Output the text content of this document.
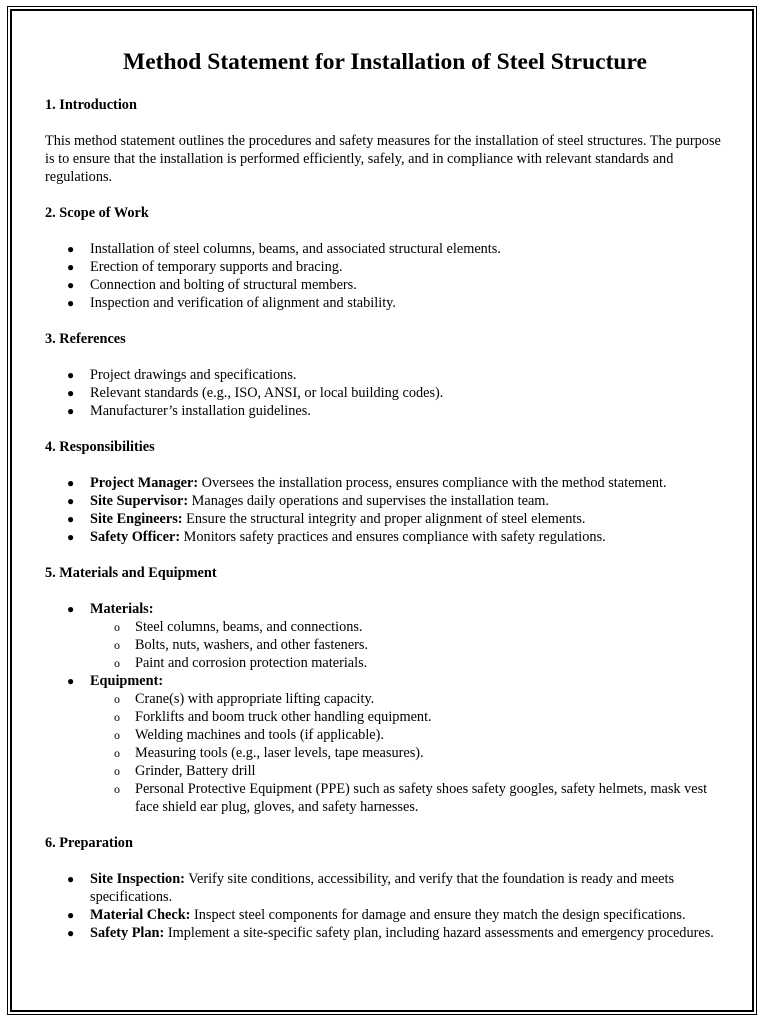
Method Statement for Installation of Steel Structure
1. Introduction

This method statement outlines the procedures and safety measures for the installation of steel structures. The purpose is to ensure that the installation is performed efficiently, safely, and in compliance with relevant standards and regulations.

2. Scope of Work
● Installation of steel columns, beams, and associated structural elements.
● Erection of temporary supports and bracing.
● Connection and bolting of structural members.
● Inspection and verification of alignment and stability.
3. References
● Project drawings and specifications.
● Relevant standards (e.g., ISO, ANSI, or local building codes).
● Manufacturer’s installation guidelines.
4. Responsibilities
● Project Manager: Oversees the installation process, ensures compliance with the method statement.
● Site Supervisor: Manages daily operations and supervises the installation team.
● Site Engineers: Ensure the structural integrity and proper alignment of steel elements.
● Safety Officer: Monitors safety practices and ensures compliance with safety regulations.
5. Materials and Equipment
● Materials:
o Steel columns, beams, and connections.
o Bolts, nuts, washers, and other fasteners.
o Paint and corrosion protection materials.
● Equipment:
o Crane(s) with appropriate lifting capacity.
o Forklifts and boom truck other handling equipment.
o Welding machines and tools (if applicable).
o Measuring tools (e.g., laser levels, tape measures).
o Grinder, Battery drill
o Personal Protective Equipment (PPE) such as safety shoes safety googles, safety helmets, mask vest face shield ear plug, gloves, and safety harnesses.
6. Preparation
● Site Inspection: Verify site conditions, accessibility, and verify that the foundation is ready and meets specifications.
● Material Check: Inspect steel components for damage and ensure they match the design specifications.
● Safety Plan: Implement a site-specific safety plan, including hazard assessments and emergency procedures.
